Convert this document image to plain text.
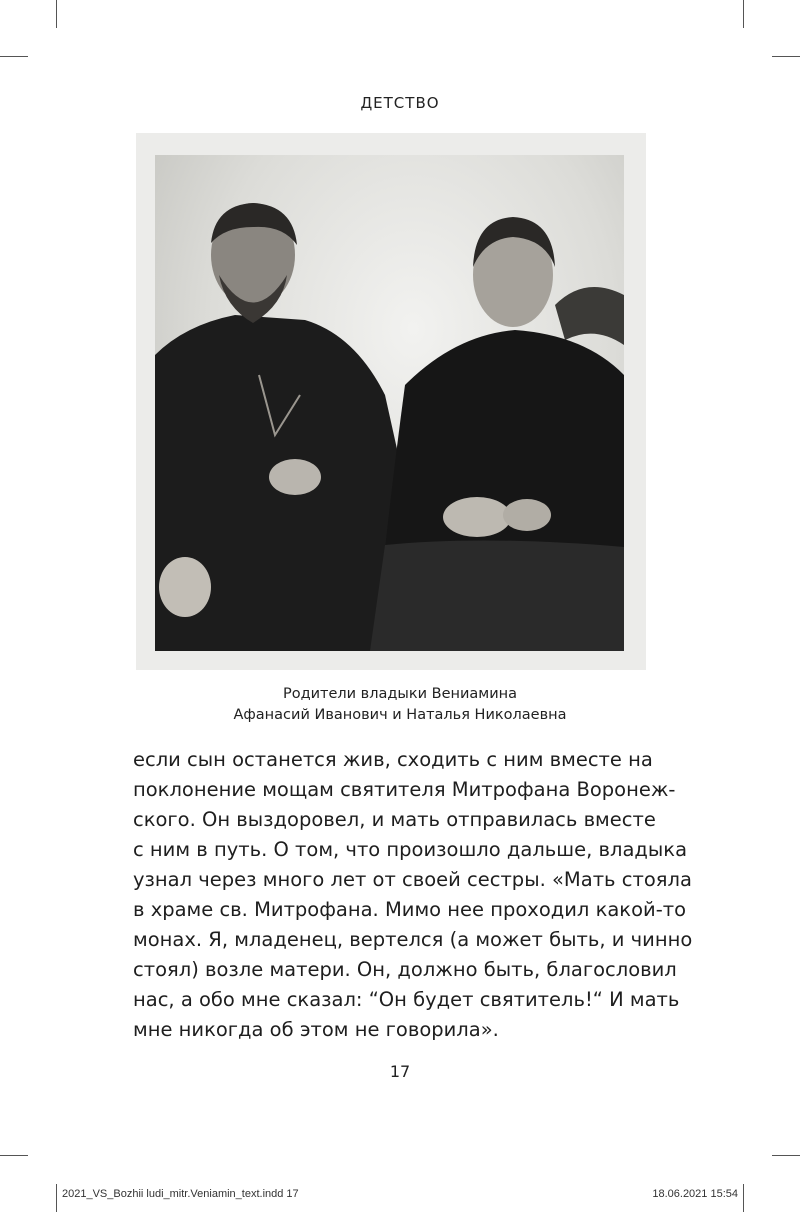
ДЕТСТВО
Родители владыки Вениамина
Афанасий Иванович и Наталья Николаевна
если сын останется жив, сходить с ним вместе на
поклонение мощам святителя Митрофана Воронеж-
ского. Он выздоровел, и мать отправилась вместе
с ним в путь. О том, что произошло дальше, владыка
узнал через много лет от своей сестры. «Мать стояла
в храме св. Митрофана. Мимо нее проходил какой-то
монах. Я, младенец, вертелся (а может быть, и чинно
стоял) возле матери. Он, должно быть, благословил
нас, а обо мне сказал: “Он будет святитель!“ И мать
мне никогда об этом не говорила».
17
2021_VS_Bozhii ludi_mitr.Veniamin_text.indd 17	18.06.2021 15:54
